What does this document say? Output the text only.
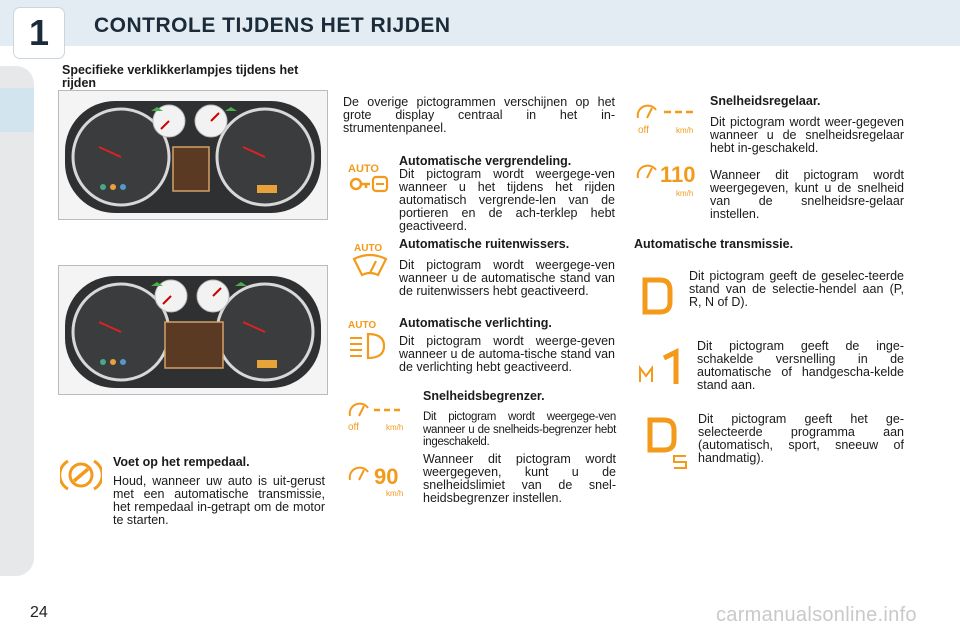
1	CONTROLE TIJDENS HET RIJDEN
Specifieke verklikkerlampjes tijdens het rijden
Voet op het rempedaal.
Houd, wanneer uw auto is uit-gerust met een automatische transmissie, het rempedaal in-getrapt om de motor te starten.
De overige pictogrammen verschijnen op het grote display centraal in het in-strumentenpaneel.
AUTO
Automatische vergrendeling.
Dit pictogram wordt weergege-ven wanneer u het tijdens het rijden automatisch vergrende-len van de portieren en de ach-terklep hebt geactiveerd.
AUTO Automatische ruitenwissers.
Dit pictogram wordt weergege-ven wanneer u de automatische stand van de ruitenwissers hebt geactiveerd.
AUTO Automatische verlichting.
Dit pictogram wordt weerge-geven wanneer u de automa-tische stand van de verlichting hebt geactiveerd.
off	km/h
90
km/h
Snelheidsbegrenzer.
Dit pictogram wordt weergege-ven wanneer u de snelheids-begrenzer hebt ingeschakeld.
Wanneer dit pictogram wordt weergegeven, kunt u de snelheidslimiet van de snel-heidsbegrenzer instellen.
off	km/h
110
km/h
Snelheidsregelaar.
Dit pictogram wordt weer-gegeven wanneer u de snelheidsregelaar hebt in-geschakeld.
Wanneer dit pictogram wordt weergegeven, kunt u de snelheid van de snelheidsre-gelaar instellen.
Automatische transmissie.
Dit pictogram geeft de geselec-teerde stand van de selectie-hendel aan (P, R, N of D).
Dit pictogram geeft de inge-schakelde versnelling in de automatische of handgescha-kelde stand aan.
Dit pictogram geeft het ge-selecteerde programma aan (automatisch, sport, sneeuw of handmatig).
24	carmanualsonline.info
